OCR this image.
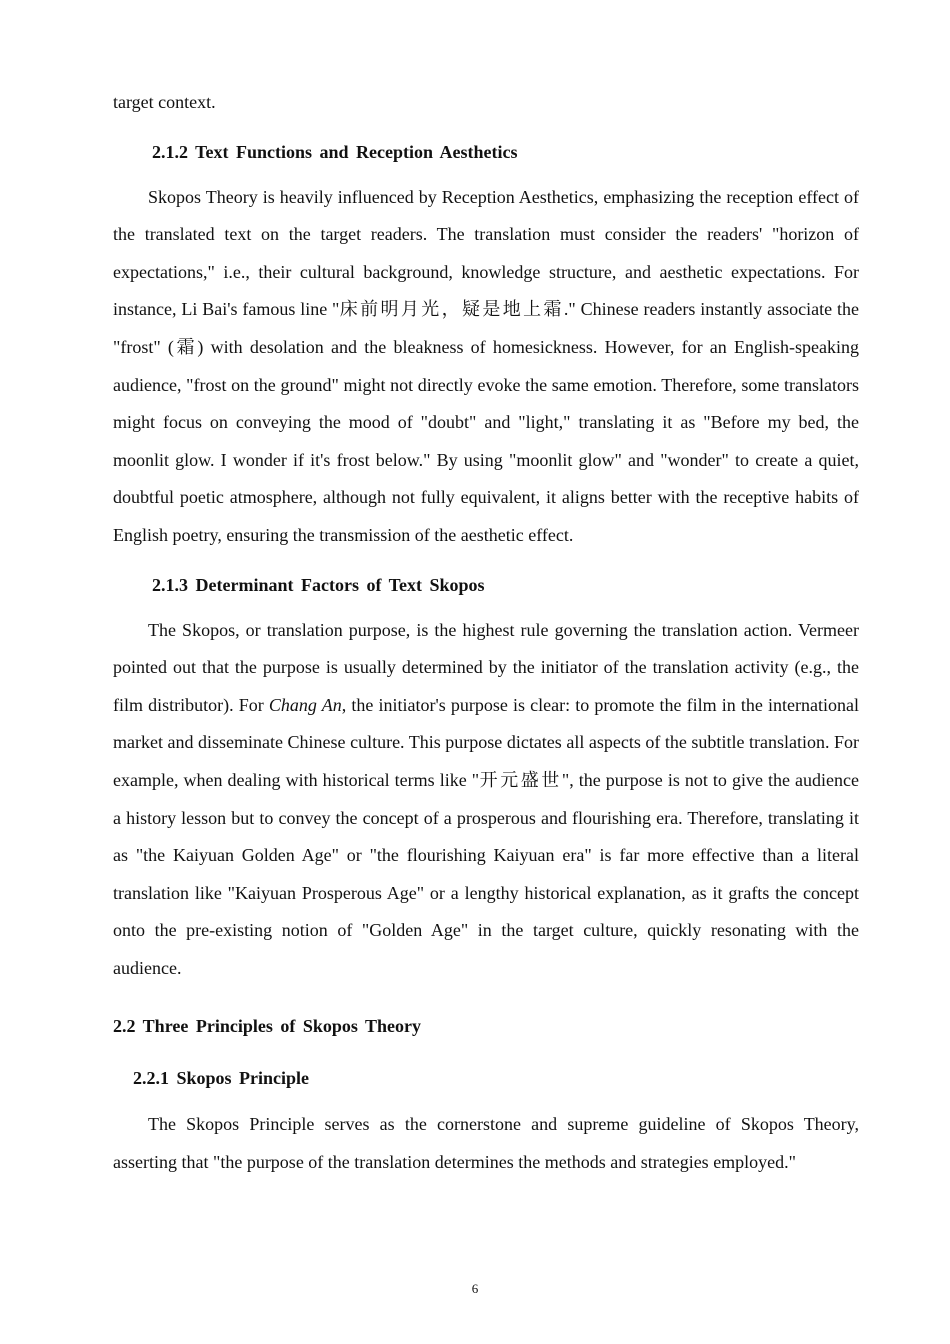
target context.

2.1.2 Text Functions and Reception Aesthetics

Skopos Theory is heavily influenced by Reception Aesthetics, emphasizing the reception effect of the translated text on the target readers. The translation must consider the readers' "horizon of expectations," i.e., their cultural background, knowledge structure, and aesthetic expectations. For instance, Li Bai's famous line "床前明月光，疑是地上霜." Chinese readers instantly associate the "frost" (霜) with desolation and the bleakness of homesickness. However, for an English-speaking audience, "frost on the ground" might not directly evoke the same emotion. Therefore, some translators might focus on conveying the mood of "doubt" and "light," translating it as "Before my bed, the moonlit glow. I wonder if it's frost below." By using "moonlit glow" and "wonder" to create a quiet, doubtful poetic atmosphere, although not fully equivalent, it aligns better with the receptive habits of English poetry, ensuring the transmission of the aesthetic effect.

2.1.3 Determinant Factors of Text Skopos

The Skopos, or translation purpose, is the highest rule governing the translation action. Vermeer pointed out that the purpose is usually determined by the initiator of the translation activity (e.g., the film distributor). For Chang An, the initiator's purpose is clear: to promote the film in the international market and disseminate Chinese culture. This purpose dictates all aspects of the subtitle translation. For example, when dealing with historical terms like "开元盛世", the purpose is not to give the audience a history lesson but to convey the concept of a prosperous and flourishing era. Therefore, translating it as "the Kaiyuan Golden Age" or "the flourishing Kaiyuan era" is far more effective than a literal translation like "Kaiyuan Prosperous Age" or a lengthy historical explanation, as it grafts the concept onto the pre-existing notion of "Golden Age" in the target culture, quickly resonating with the audience.

2.2 Three Principles of Skopos Theory
2.2.1 Skopos Principle

The Skopos Principle serves as the cornerstone and supreme guideline of Skopos Theory, asserting that "the purpose of the translation determines the methods and strategies employed."

6
